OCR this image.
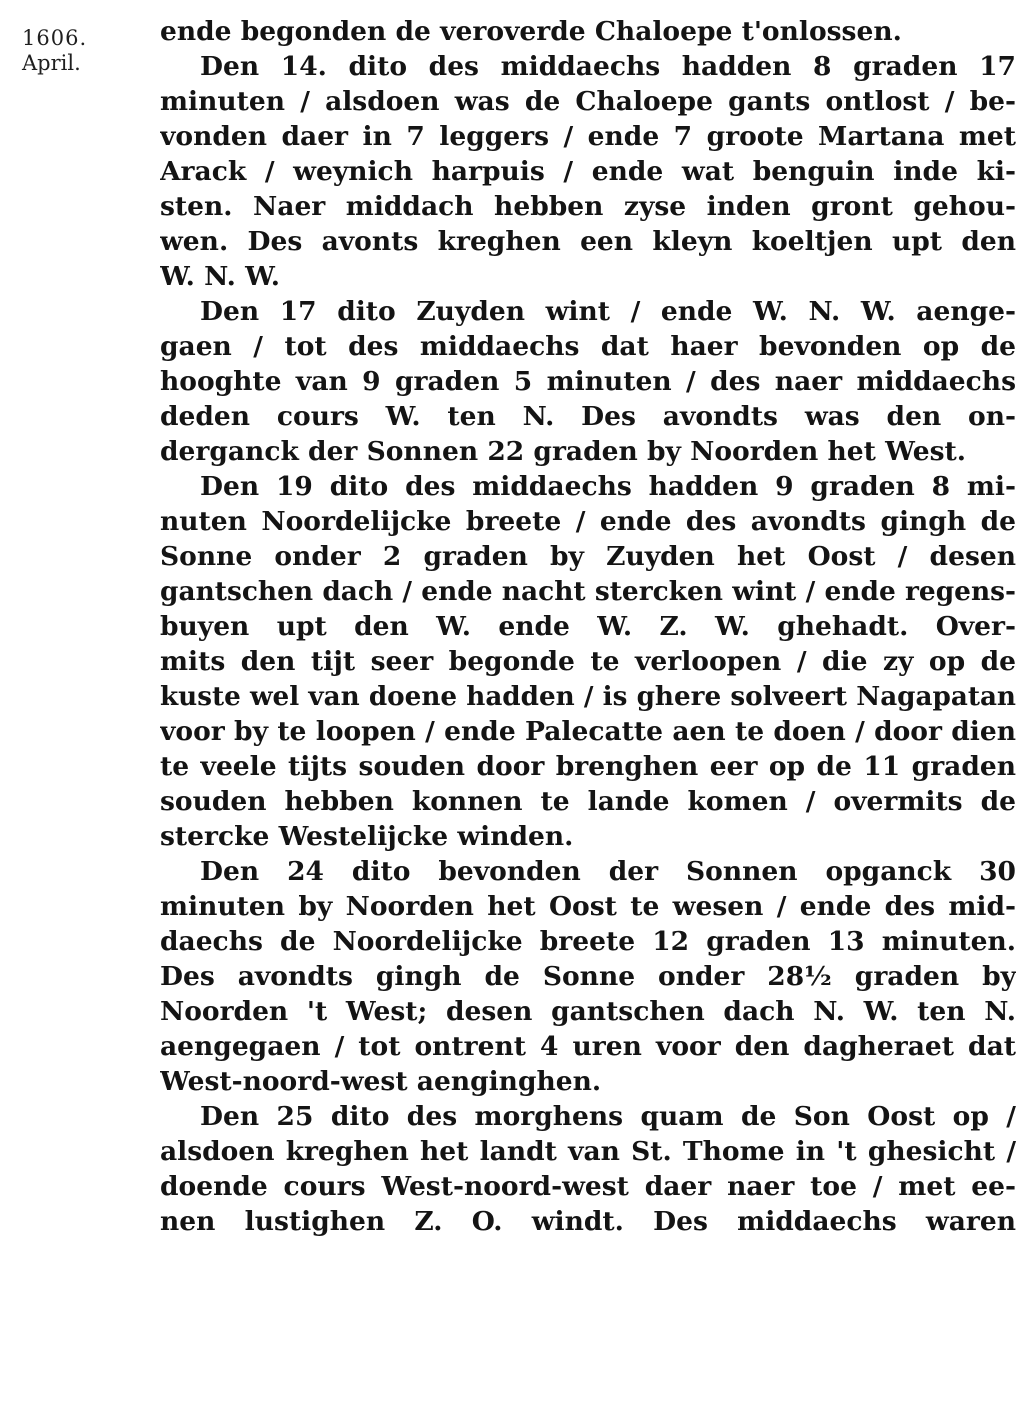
1606.
April.
ende begonden de veroverde Chaloepe t'onlossen.
Den 14. dito des middaechs hadden 8 graden 17
minuten / alsdoen was de Chaloepe gants ontlost / be-
vonden daer in 7 leggers / ende 7 groote Martana met
Arack / weynich harpuis / ende wat benguin inde ki-
sten. Naer middach hebben zyse inden gront gehou-
wen. Des avonts kreghen een kleyn koeltjen upt den
W. N. W.
Den 17 dito Zuyden wint / ende W. N. W. aenge-
gaen / tot des middaechs dat haer bevonden op de
hooghte van 9 graden 5 minuten / des naer middaechs
deden cours W. ten N. Des avondts was den on-
derganck der Sonnen 22 graden by Noorden het West.
Den 19 dito des middaechs hadden 9 graden 8 mi-
nuten Noordelijcke breete / ende des avondts gingh de
Sonne onder 2 graden by Zuyden het Oost / desen
gantschen dach / ende nacht stercken wint / ende regens-
buyen upt den W. ende W. Z. W. ghehadt. Over-
mits den tijt seer begonde te verloopen / die zy op de
kuste wel van doene hadden / is ghere solveert Nagapatan
voor by te loopen / ende Palecatte aen te doen / door dien
te veele tijts souden door brenghen eer op de 11 graden
souden hebben konnen te lande komen / overmits de
stercke Westelijcke winden.
Den 24 dito bevonden der Sonnen opganck 30
minuten by Noorden het Oost te wesen / ende des mid-
daechs de Noordelijcke breete 12 graden 13 minuten.
Des avondts gingh de Sonne onder 28½ graden by
Noorden 't West; desen gantschen dach N. W. ten N.
aengegaen / tot ontrent 4 uren voor den dagheraet dat
West-noord-west aenginghen.
Den 25 dito des morghens quam de Son Oost op /
alsdoen kreghen het landt van St. Thome in 't ghesicht /
doende cours West-noord-west daer naer toe / met ee-
nen lustighen Z. O. windt. Des middaechs waren
